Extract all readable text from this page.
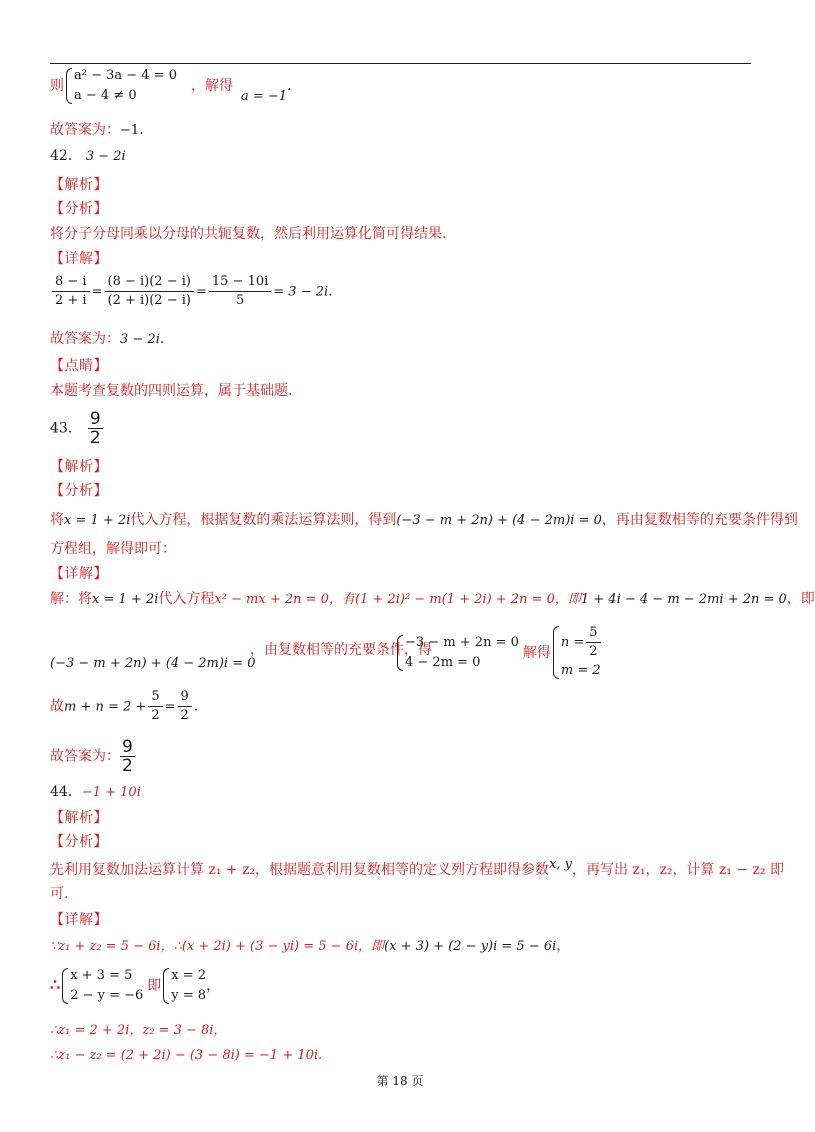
则
a² − 3a − 4 = 0
a − 4 ≠ 0
，解得a = −1.
故答案为：−1.
42． 3 − 2i
【解析】
【分析】
将分子分母同乘以分母的共轭复数，然后利用运算化简可得结果.
【详解】
$\frac{8 - i}{2 + i} = \frac{(8 - i)(2 - i)}{(2 + i)(2 - i)} = \frac{15 - 10i}{5} = 3 - 2i$.
故答案为：3 − 2i.
【点睛】
本题考查复数的四则运算，属于基础题.
43． $\frac{9}{2}$
【解析】
【分析】
将x = 1 + 2i代入方程，根据复数的乘法运算法则，得到(−3 − m + 2n) + (4 − 2m)i = 0，再由复数相等的充要条件得到
方程组，解得即可：
【详解】
解：将x = 1 + 2i代入方程x² − mx + 2n = 0，有(1 + 2i)² − m(1 + 2i) + 2n = 0，即1 + 4i − 4 − m − 2mi + 2n = 0，即
(−3 − m + 2n) + (4 − 2m)i = 0
，由复数相等的充要条件，得
−3 − m + 2n = 0
4 − 2m = 0
解得
$n = \frac{5}{2}$
m = 2
故$m + n = 2 + \frac{5}{2} = \frac{9}{2}$ .
故答案为： $\frac{9}{2}$
44．−1 + 10i
【解析】
【分析】
先利用复数加法运算计算 z₁ + z₂，根据题意利用复数相等的定义列方程即得参数x, y，再写出 z₁，z₂，计算 z₁ − z₂ 即
可.
【详解】
∵z₁ + z₂ = 5 − 6i，∴(x + 2i) + (3 − yi) = 5 − 6i，即(x + 3) + (2 − y)i = 5 − 6i，
∴ x + 3 = 5
2 − y = −6
即
x = 2
y = 8
，
∴z₁ = 2 + 2i，z₂ = 3 − 8i，
∴z₁ − z₂ = (2 + 2i) − (3 − 8i) = −1 + 10i.
第 18 页
